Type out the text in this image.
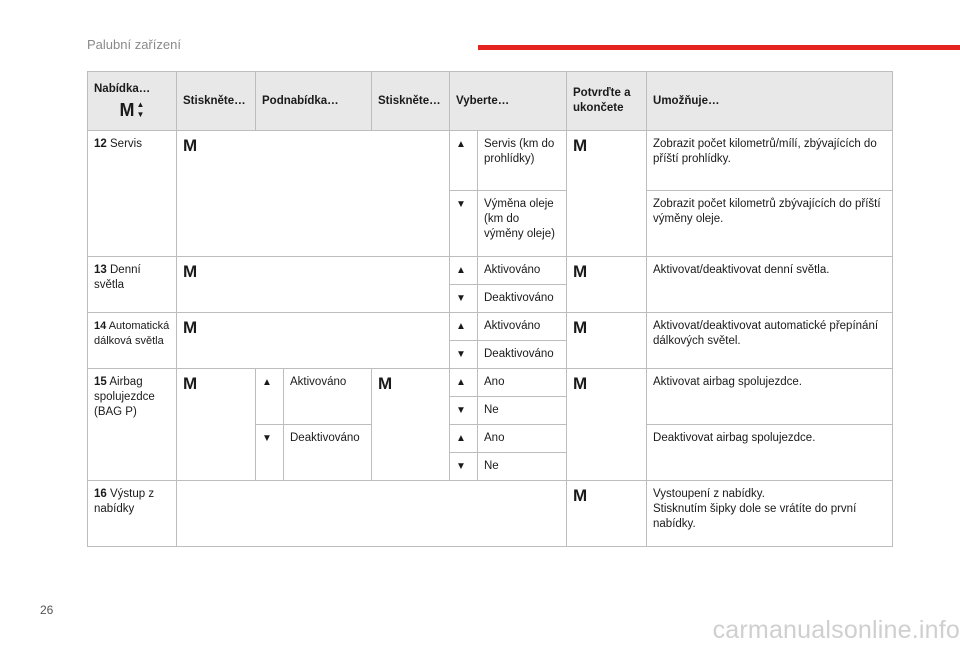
Palubní zařízení
Nabídka…
M ▲
▼	Stiskněte…	Podnabídka…		Stiskněte…	Vyberte…		Potvrďte a ukončete	Umožňuje…
12 Servis	M				▲	Servis (km do prohlídky)	M	Zobrazit počet kilometrů/mílí, zbývajících do příští prohlídky.
					▼	Výměna oleje (km do výměny oleje)		Zobrazit počet kilometrů zbývajících do příští výměny oleje.
13 Denní světla	M				▲	Aktivováno	M	Aktivovat/deaktivovat denní světla.
					▼	Deaktivováno		
14 Automatická dálková světla	M				▲	Aktivováno	M	Aktivovat/deaktivovat automatické přepínání dálkových světel.
					▼	Deaktivováno		
15 Airbag spolujezdce (BAG P)	M	▲	Aktivováno	M	▲	Ano	M	Aktivovat airbag spolujezdce.
					▼	Ne		
		▼	Deaktivováno		▲	Ano		Deaktivovat airbag spolujezdce.
					▼	Ne		
16 Výstup z nabídky							M	Vystoupení z nabídky.
Stisknutím šipky dole se vrátíte do první nabídky.
26
carmanualsonline.info
